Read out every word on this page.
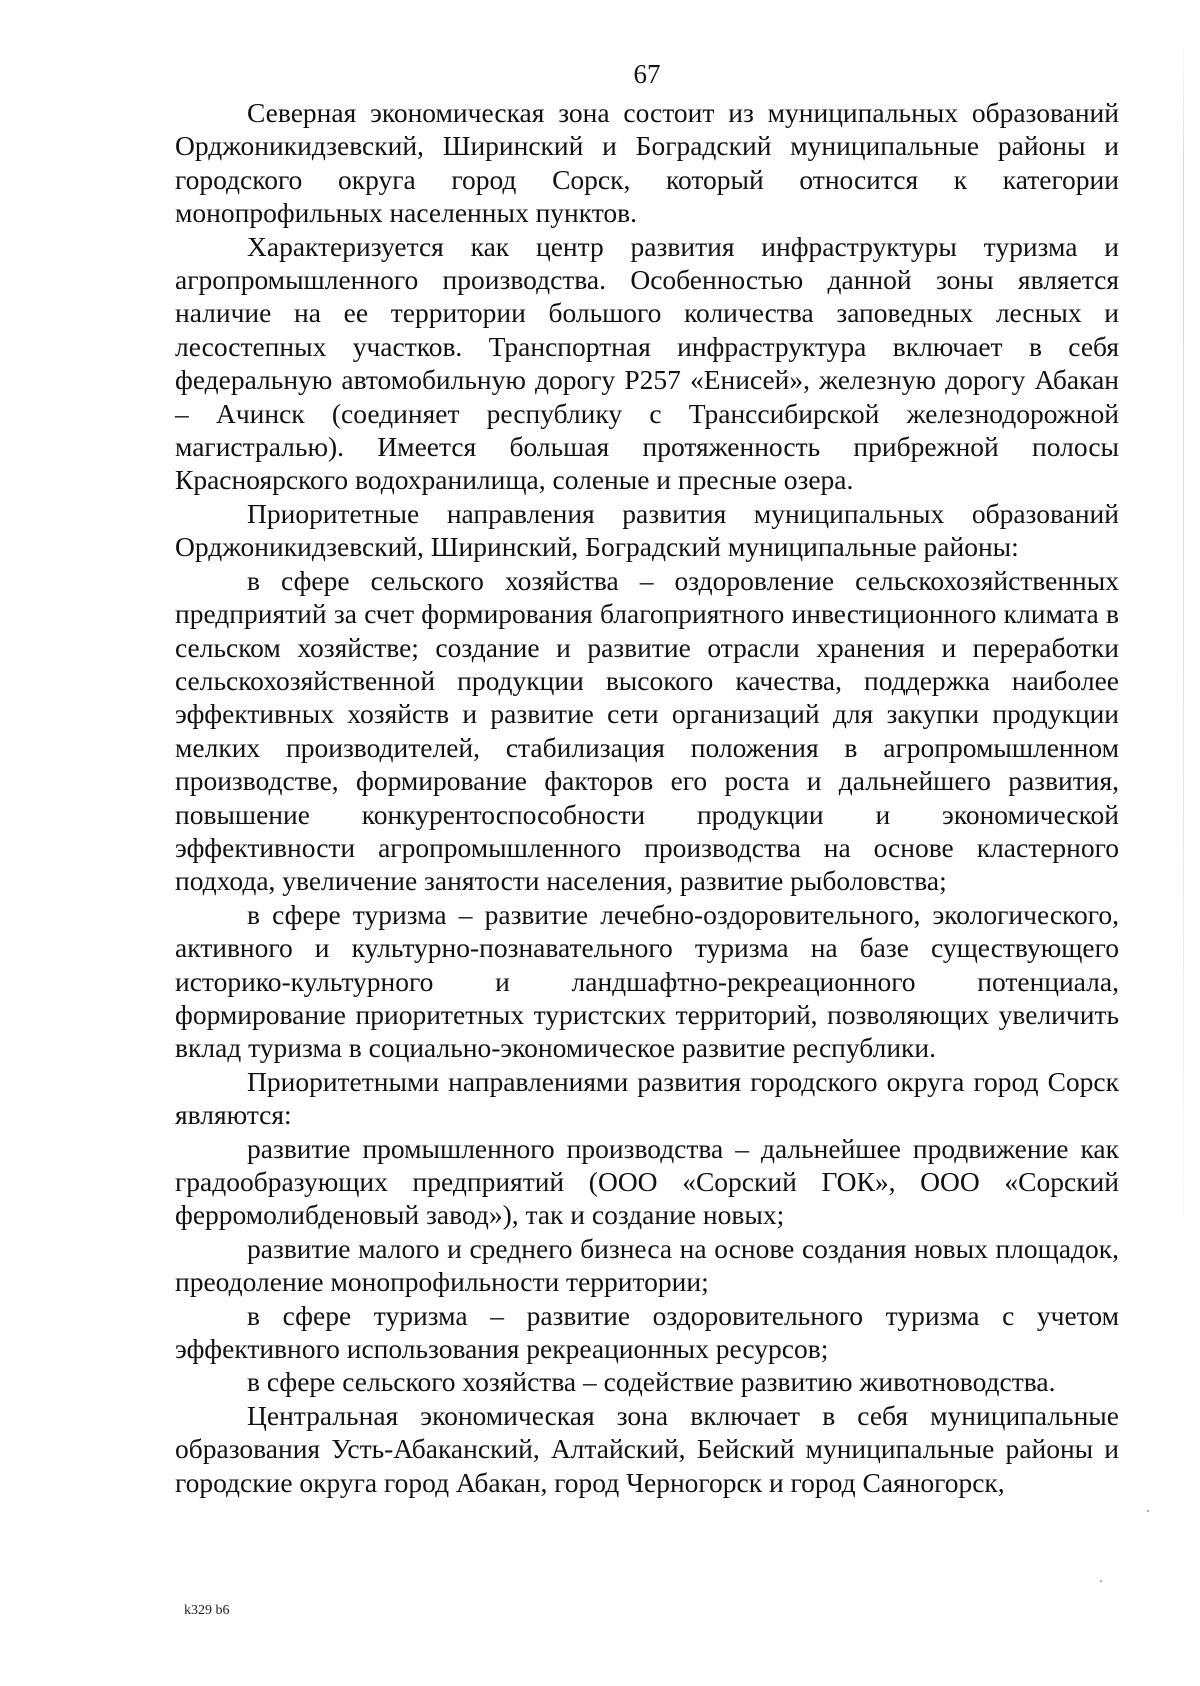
67

Северная экономическая зона состоит из муниципальных образований Орджоникидзевский, Ширинский и Боградский муниципальные районы и городского округа город Сорск, который относится к категории монопрофильных населенных пунктов.

Характеризуется как центр развития инфраструктуры туризма и агропромышленного производства. Особенностью данной зоны является наличие на ее территории большого количества заповедных лесных и лесостепных участков. Транспортная инфраструктура включает в себя федеральную автомобильную дорогу Р257 «Енисей», железную дорогу Абакан – Ачинск (соединяет республику с Транссибирской железнодорожной магистралью). Имеется большая протяженность прибрежной полосы Красноярского водохранилища, соленые и пресные озера.

Приоритетные направления развития муниципальных образований Орджоникидзевский, Ширинский, Боградский муниципальные районы:

в сфере сельского хозяйства – оздоровление сельскохозяйственных предприятий за счет формирования благоприятного инвестиционного климата в сельском хозяйстве; создание и развитие отрасли хранения и переработки сельскохозяйственной продукции высокого качества, поддержка наиболее эффективных хозяйств и развитие сети организаций для закупки продукции мелких производителей, стабилизация положения в агропромышленном производстве, формирование факторов его роста и дальнейшего развития, повышение конкурентоспособности продукции и экономической эффективности агропромышленного производства на основе кластерного подхода, увеличение занятости населения, развитие рыболовства;

в сфере туризма – развитие лечебно-оздоровительного, экологического, активного и культурно-познавательного туризма на базе существующего историко-культурного и ландшафтно-рекреационного потенциала, формирование приоритетных туристских территорий, позволяющих увеличить вклад туризма в социально-экономическое развитие республики.

Приоритетными направлениями развития городского округа город Сорск являются:

развитие промышленного производства – дальнейшее продвижение как градообразующих предприятий (ООО «Сорский ГОК», ООО «Сорский ферромолибденовый завод»), так и создание новых;

развитие малого и среднего бизнеса на основе создания новых площадок, преодоление монопрофильности территории;

в сфере туризма – развитие оздоровительного туризма с учетом эффективного использования рекреационных ресурсов;

в сфере сельского хозяйства – содействие развитию животноводства.

Центральная экономическая зона включает в себя муниципальные образования Усть-Абаканский, Алтайский, Бейский муниципальные районы и городские округа город Абакан, город Черногорск и город Саяногорск,

k329 b6
